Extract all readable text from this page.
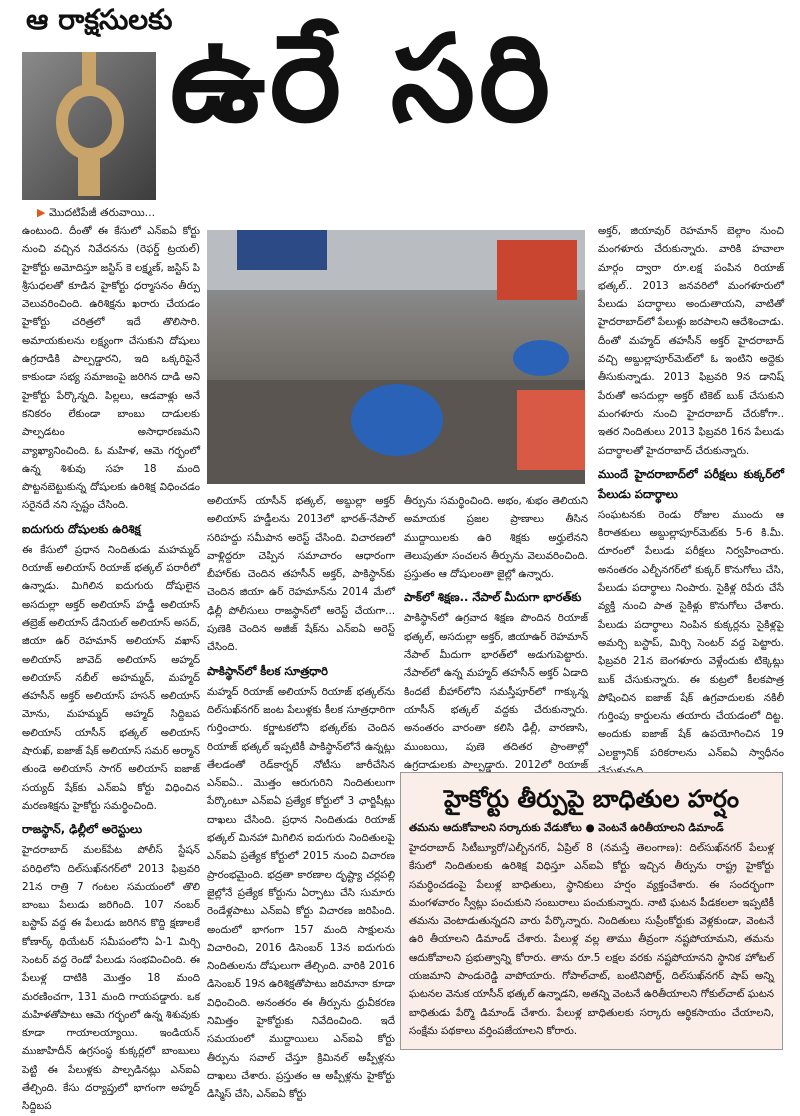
ఆ రాక్షసులకు
ఉరే సరి
▶ మొదటిపేజీ తరువాయి...

ఉంటుంది. దీంతో ఈ కేసులో ఎన్ఐఏ కోర్టు నుంచి వచ్చిన నివేదనను (రెఫర్డ్ ట్రయల్) హైకోర్టు అమోదిస్తూ జస్టిస్ కె లక్ష్మణ్, జస్టిస్ పి శ్రీసుధలతో కూడిన హైకోర్టు ధర్మాసనం తీర్పు వెలువరించింది. ఉరిశిక్షను ఖరారు చేయడం హైకోర్టు చరిత్రలో ఇదే తొలిసారి. అమాయకులను లక్ష్యంగా చేసుకుని దోషులు ఉగ్రదాడికి పాల్పడ్డారని, ఇది ఒక్కరిపైనే కాకుండా సభ్య సమాజంపై జరిగిన దాడి అని హైకోర్టు పేర్కొన్నది. పిల్లలు, ఆడవాళ్లు అనే కనికరం లేకుండా బాంబు దాడులకు పాల్పడటం అసాధారణమని వ్యాఖ్యానించింది. ఓ మహిళ, ఆమె గర్భంలో ఉన్న శిశువు సహ 18 మంది పొట్టనబెట్టుకున్న దోషులకు ఉరిశిక్ష విధించడం సరైనదే నని స్పష్టం చేసింది.

ఐదుగురు దోషులకు ఉరిశిక్ష

ఈ కేసులో ప్రధాన నిందితుడు మహమ్మద్ రియాజ్ అలియాస్ రియాజ్ భత్కల్ పరారీలో ఉన్నాడు. మిగిలిన ఐదుగురు దోషులైన అసదుల్లా అక్తర్ అలియాస్ హడ్డీ అలియాస్ తబ్రెజ్ అలియాస్ డేనియల్ అలియాస్ అసద్, జియా ఉర్ రెహమాన్ అలియాస్ వఖాస్ అలియాస్ జావెద్ అలియాస్ అహ్మద్ అలియాస్ నబీల్ అహమ్మద్, మహ్మద్ తహసీన్ అక్తర్ అలియాస్ హసన్ అలియాస్ మోను, మహమ్మద్ అహ్మద్ సిద్దిబప అలియాస్ యాసీన్ భత్కల్ అలియాస్ షారుఖ్, ఐజాజ్ షేక్ అలియాస్ సమర్ అర్మాన్ తుండె అలియాస్ సాగర్ అలియాస్ ఐజాజ్ సయ్యద్ షేక్‌కు ఎన్ఐఏ కోర్టు విధించిన మరణశిక్షను హైకోర్టు సమర్థించింది.

రాజస్థాన్, ఢిల్లీలో అరెస్టులు

హైదరాబాద్ మలక్‌పేట పోలీస్ స్టేషన్ పరిధిలోని దిల్‌సుఖ్‌నగర్‌లో 2013 ఫిబ్రవరి 21న రాత్రి 7 గంటల సమయంలో తొలి బాంబు పేలుడు జరిగింది. 107 నంబర్ బస్టాప్ వద్ద ఈ పేలుడు జరిగిన కొద్ది క్షణాలకే కోణార్క్ థియేటర్ సమీపంలోని ఏ-1 మిర్చి సెంటర్ వద్ద రెండో పేలుడు సంభవించింది. ఈ పేలుళ్ల దాటికి మొత్తం 18 మంది మరణించగా, 131 మంది గాయపడ్డారు. ఒక మహిళతోపాటు ఆమె గర్భంలో ఉన్న శిశువుకు కూడా గాయాలయ్యాయి. ఇండియన్ ముజాహిదీన్ ఉగ్రసంస్థ కుక్కర్లలో బాంబులు పెట్టి ఈ పేలుళ్లకు పాల్పడినట్లు ఎన్ఐఏ తేల్చింది. కేసు దర్యాప్తులో భాగంగా అహ్మద్ సిద్దిబప

అలియాస్ యాసీన్ భత్కల్, అబ్దుల్లా అక్తర్ అలియాస్ హడ్డీలను 2013లో భారత్-నేపాల్ సరిహద్దు సమీపాన అరెస్ట్ చేసింది. విచారణలో వాళ్లిద్దరూ చెప్పిన సమాచారం ఆధారంగా బీహార్‌కు చెందిన తహసీన్ అక్తర్, పాకిస్థాన్‌కు చెందిన జియా ఉర్ రెహమాన్‌ను 2014 మేలో ఢిల్లీ పోలీసులు రాజస్థాన్‌లో అరెస్ట్ చేయగా... పుణెకి చెందిన అజీజ్ షేక్‌ను ఎన్ఐఏ అరెస్ట్ చేసింది.

పాకిస్థాన్‌లో కీలక సూత్రధారి

మహ్మద్ రియాజ్ అలియాస్ రియాజ్ భత్కల్‌ను దిల్‌సుఖ్‌నగర్ జంట పేలుళ్లకు కీలక సూత్రధారిగా గుర్తించారు. కర్ణాటకలోని భత్కల్‌కు చెందిన రియాజ్ భత్కల్ ఇప్పటికీ పాకిస్థాన్‌లోనే ఉన్నట్లు తేలడంతో రెడ్‌కార్నర్ నోటీసు జారీచేసిన ఎన్ఐఏ.. మొత్తం ఆరుగురిని నిందితులుగా పేర్కొంటూ ఎన్ఐఏ ప్రత్యేక కోర్టులో 3 ఛార్జిషీట్లు దాఖలు చేసింది. ప్రధాన నిందితుడు రియాజ్ భత్కల్ మినహా మిగిలిన ఐదుగురు నిందితులపై ఎన్ఐఏ ప్రత్యేక కోర్టులో 2015 నుంచి విచారణ ప్రారంభమైంది. భద్రతా కారణాల దృష్ట్యా చర్లపల్లి జైల్లోనే ప్రత్యేక కోర్టును ఏర్పాటు చేసి సుమారు రెండేళ్లపాటు ఎన్ఐఏ కోర్టు విచారణ జరిపింది. అందులో భాగంగా 157 మంది సాక్షులను విచారించి, 2016 డిసెంబర్ 13న ఐదుగురు నిందితులను దోషులుగా తేల్చింది. వారికి 2016 డిసెంబర్ 19న ఉరిశిక్షతోపాటు జరిమానా కూడా విధించింది. అనంతరం ఈ తీర్పును ధ్రువీకరణ నిమిత్తం హైకోర్టుకు నివేదించింది. ఇదే సమయంలో ముద్దాయిలు ఎన్ఐఏ కోర్టు తీర్పును సవాల్ చేస్తూ క్రిమినల్ అప్పీళ్లను దాఖలు చేశారు. ప్రస్తుతం ఆ అప్పీళ్లను హైకోర్టు డిస్మిస్ చేసి, ఎన్ఐఏ కోర్టు

తీర్పును సమర్థించింది. అభం, శుభం తెలియని అమాయక ప్రజల ప్రాణాలు తీసిన ముద్దాయిలకు ఉరి శిక్షకు అర్హులేనని తెలుపుతూ సంచలన తీర్పును వెలువరించింది. ప్రస్తుతం ఆ దోషులంతా జైల్లో ఉన్నారు.

పాక్‌లో శిక్షణ.. నేపాల్ మీదుగా భారత్‌కు

పాకిస్థాన్‌లో ఉగ్రవాద శిక్షణ పొందిన రియాజ్ భత్కల్, అసదుల్లా అక్తర్, జియాఉర్ రెహమాన్ నేపాల్ మీదుగా భారత్‌లో అడుగుపెట్టారు. నేపాల్‌లో ఉన్న మహ్మద్ తహసీన్ అక్తర్ ఏడాది కిందటే బీహార్‌లోని సమస్తీపూర్‌లో గాక్కున్న యాసీన్ భత్కల్ వద్దకు చేరుకున్నారు. అనంతరం వారంతా కలిసి ఢిల్లీ, వారణాసి, ముంబయి, పుణె తదితర ప్రాంతాల్లో ఉగ్రదాడులకు పాల్పడ్డారు. 2012లో రియాజ్

అక్తర్, జియావుర్ రెహమాన్ బెల్గాం నుంచి మంగళూరు చేరుకున్నారు. వారికి హవాలా మార్గం ద్వారా రూ.లక్ష పంపిన రియాజ్ భత్కల్.. 2013 జనవరిలో మంగళూరులో పేలుడు పదార్థాలు అందుతాయని, వాటితో హైదరాబాద్‌లో పేలుళ్లు జరపాలని ఆదేశించాడు. దీంతో మహ్మద్ తహసీన్ అక్తర్ హైదరాబాద్ వచ్చి అబ్దుల్లాపూర్‌మెట్‌లో ఓ ఇంటిని అద్దెకు తీసుకున్నాడు. 2013 ఫిబ్రవరి 9న డానిష్ పేరుతో అసదుల్లా అక్తర్ టికెట్ బుక్ చేసుకుని మంగళూరు నుంచి హైదరాబాద్ చేరుకోగా.. ఇతర నిందితులు 2013 ఫిబ్రవరి 16న పేలుడు పదార్థాలతో హైదరాబాద్ చేరుకున్నారు.

ముందే హైదరాబాద్‌లో పరీక్షలు కుక్కర్‌లో పేలుడు పదార్థాలు

సంఘటనకు రెండు రోజుల ముందు ఆ కిరాతకులు అబ్దుల్లాపూర్‌మెట్‌కు 5-6 కి.మీ. దూరంలో పేలుడు పరీక్షలు నిర్వహించారు. అనంతరం ఎల్బీనగర్‌లో కుక్కర్ కొనుగోలు చేసి, పేలుడు పదార్థాలు నింపారు. సైకిళ్ల రిపేరు చేసే వ్యక్తి నుంచి పాత సైకిళ్లు కొనుగోలు చేశారు. పేలుడు పదార్థాలు నింపిన కుక్కర్లను సైకిళ్లపై అమర్చి బస్టాప్, మిర్చి సెంటర్ వద్ద పెట్టారు. ఫిబ్రవరి 21న బెంగళూరు వెళ్లేందుకు టిక్కెట్లు బుక్ చేసుకున్నారు. ఈ కుట్రలో కీలకపాత్ర పోషించిన ఐజాజ్ షేక్ ఉగ్రవాదులకు నకిలీ గుర్తింపు కార్డులను తయారు చేయడంలో దిట్ట. అందుకు ఐజాజ్ షేక్ ఉపయోగించిన 19 ఎలక్ట్రానిక్ పరికరాలను ఎన్ఐఏ స్వాధీనం

హైకోర్టు తీర్పుపై బాధితుల హర్షం
తమను ఆదుకోవాలని సర్కారుకు వేడుకోలు ● వెంటనే ఉరితీయాలని డిమాండ్
హైదరాబాద్ సిటీబ్యూరో/ఎల్బీనగర్, ఏప్రిల్ 8 (నమస్తే తెలంగాణ): దిల్‌సుఖ్‌నగర్ పేలుళ్ల కేసులో నిందితులకు ఉరిశిక్ష విధిస్తూ ఎన్ఐఏ కోర్టు ఇచ్చిన తీర్పును రాష్ట్ర హైకోర్టు సమర్థించడంపై పేలుళ్ల బాధితులు, స్థానికులు హర్షం వ్యక్తంచేశారు. ఈ సందర్భంగా మంగళవారం స్వీట్లు పంచుకుని సంబురాలు పంచుకున్నారు. నాటి ఘటన పీడకలలా ఇప్పటికీ తమను వెంటాడుతున్నదని వారు పేర్కొన్నారు. నిందితులు సుప్రీంకోర్టుకు వెళ్లకుండా, వెంటనే ఉరి తీయాలని డిమాండ్ చేశారు. పేలుళ్ల వల్ల తాము తీవ్రంగా నష్టపోయామని, తమను ఆదుకోవాలని ప్రభుత్వాన్ని కోరారు. తాను రూ.5 లక్షల వరకు నష్టపోయానని స్థానిక హోటల్ యజమాని పాండురెడ్డి వాపోయారు. గోపాల్‌చాట్, బంటినిపోర్ట్, దిల్‌సుఖ్‌నగర్ షాప్ అన్ని ఘటనల వెనుక యాసీన్ భత్కల్ ఉన్నాడని, అతన్ని వెంటనే ఉరితీయాలని గోకుల్‌చాట్ ఘటన బాధితుడు పేర్మొ డిమాండ్ చేశారు. పేలుళ్ల బాధితులకు సర్కారు ఆర్థికసాయం చేయాలని, సంక్షేమ పథకాలు వర్తింపజేయాలని కోరారు.
